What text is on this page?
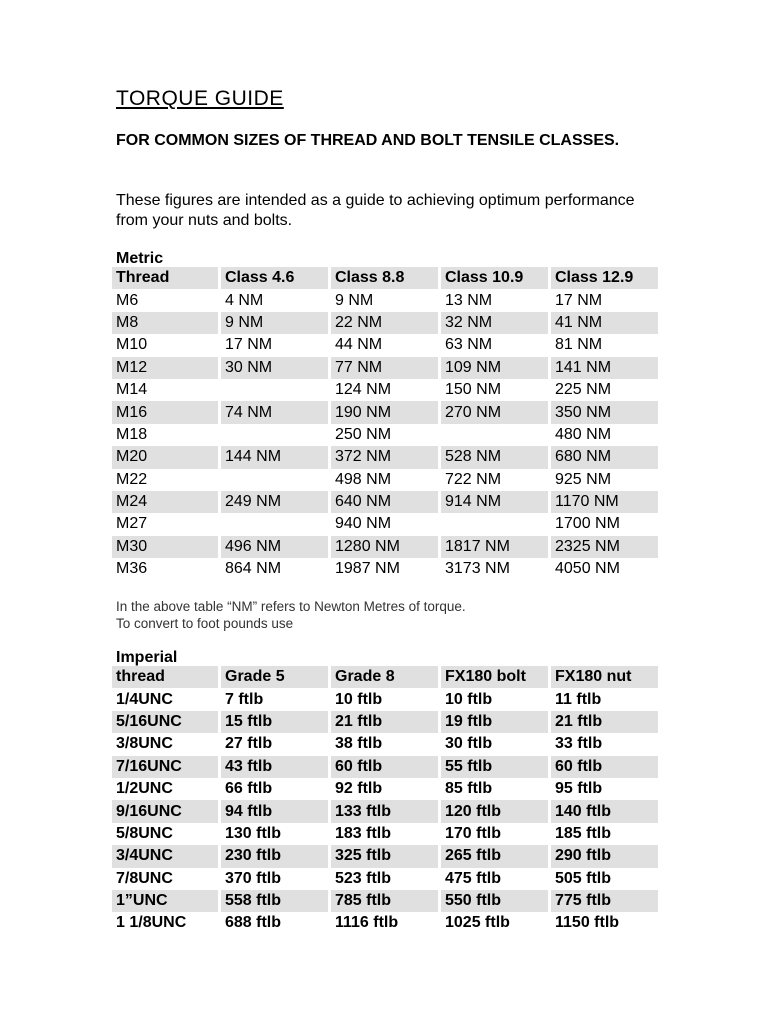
TORQUE GUIDE
FOR COMMON SIZES OF THREAD AND BOLT TENSILE CLASSES.
These figures are intended as a guide to achieving optimum performance from your nuts and bolts.
Metric
Thread	Class 4.6	Class 8.8	Class 10.9	Class 12.9
M6	4 NM	9 NM	13 NM	17 NM
M8	9 NM	22 NM	32 NM	41 NM
M10	17 NM	44 NM	63 NM	81 NM
M12	30 NM	77 NM	109 NM	141 NM
M14		124 NM	150 NM	225 NM
M16	74 NM	190 NM	270 NM	350 NM
M18		250 NM		480 NM
M20	144 NM	372 NM	528 NM	680 NM
M22		498 NM	722 NM	925 NM
M24	249 NM	640 NM	914 NM	1170 NM
M27		940 NM		1700 NM
M30	496 NM	1280 NM	1817 NM	2325 NM
M36	864 NM	1987 NM	3173 NM	4050 NM
In the above table “NM” refers to Newton Metres of torque.
To convert to foot pounds use
Imperial
thread	Grade 5	Grade 8	FX180 bolt	FX180 nut
1/4UNC	7 ftlb	10 ftlb	10 ftlb	11 ftlb
5/16UNC	15 ftlb	21 ftlb	19 ftlb	21 ftlb
3/8UNC	27 ftlb	38 ftlb	30 ftlb	33 ftlb
7/16UNC	43 ftlb	60 ftlb	55 ftlb	60 ftlb
1/2UNC	66 ftlb	92 ftlb	85 ftlb	95 ftlb
9/16UNC	94 ftlb	133 ftlb	120 ftlb	140 ftlb
5/8UNC	130 ftlb	183 ftlb	170 ftlb	185 ftlb
3/4UNC	230 ftlb	325 ftlb	265 ftlb	290 ftlb
7/8UNC	370 ftlb	523 ftlb	475 ftlb	505 ftlb
1”UNC	558 ftlb	785 ftlb	550 ftlb	775 ftlb
1 1/8UNC	688 ftlb	1116 ftlb	1025 ftlb	1150 ftlb
